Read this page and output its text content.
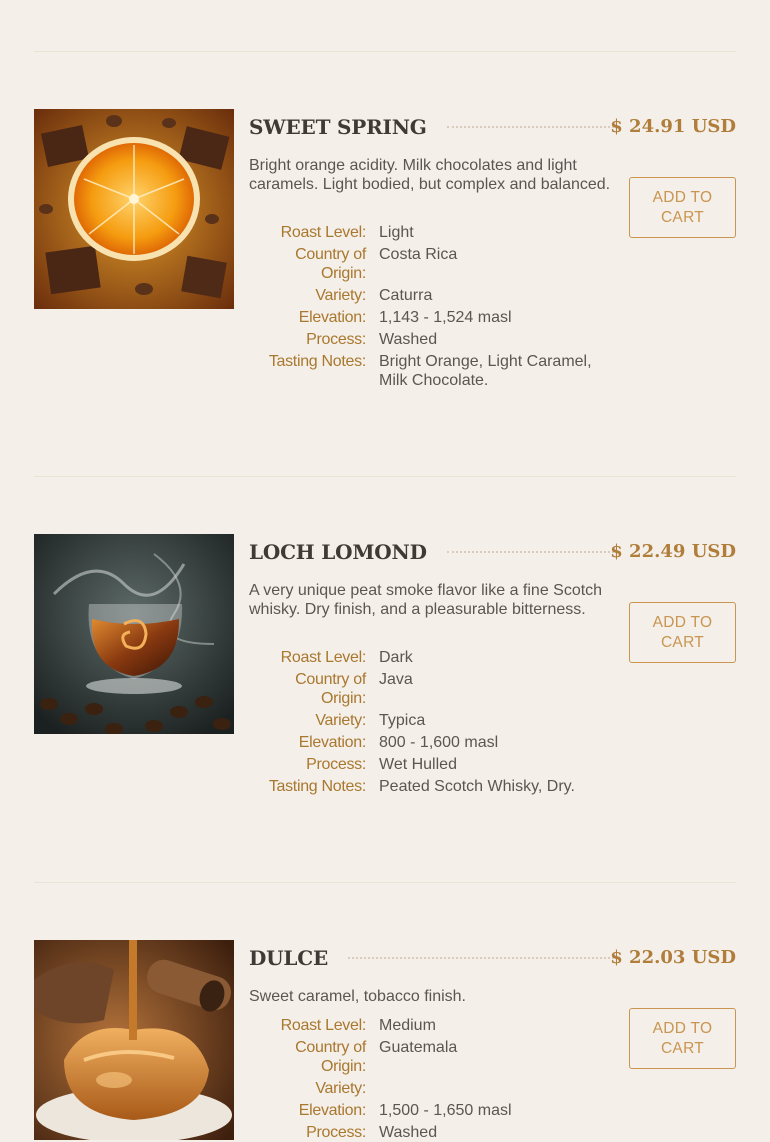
SWEET SPRING	$ 24.91 USD
Bright orange acidity. Milk chocolates and light caramels. Light bodied, but complex and balanced.
ADD TO CART
Roast Level: Light
Country of Origin:
Costa Rica
Variety: Caturra
Elevation: 1,143 - 1,524 masl
Process: Washed
Tasting Notes: Bright Orange, Light Caramel, Milk Chocolate.
LOCH LOMOND	$ 22.49 USD
A very unique peat smoke flavor like a fine Scotch whisky. Dry finish, and a pleasurable bitterness.
ADD TO CART
Roast Level: Dark
Country of Origin:
Java
Variety: Typica
Elevation: 800 - 1,600 masl
Process: Wet Hulled
Tasting Notes: Peated Scotch Whisky, Dry.
DULCE	$ 22.03 USD
Sweet caramel, tobacco finish.
ADD TO CART
Roast Level: Medium
Country of Origin:
Guatemala
Variety:
Elevation: 1,500 - 1,650 masl
Process: Washed
